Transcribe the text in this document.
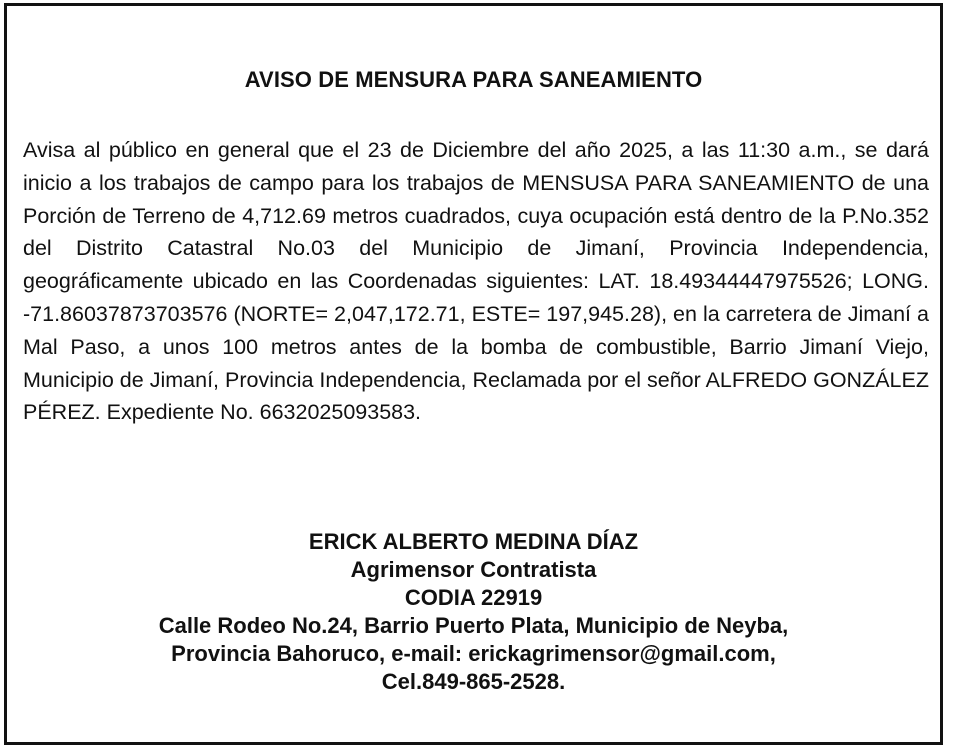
AVISO DE MENSURA PARA SANEAMIENTO
Avisa al público en general que el 23 de Diciembre del año 2025, a las 11:30 a.m., se dará inicio a los trabajos de campo para los trabajos de MENSUSA PARA SANEAMIENTO de una Porción de Terreno de 4,712.69 metros cuadrados, cuya ocupación está dentro de la P.No.352 del Distrito Catastral No.03 del Municipio de Jimaní, Provincia Independencia, geográficamente ubicado en las Coordenadas siguientes: LAT. 18.49344447975526; LONG. -71.86037873703576 (NORTE= 2,047,172.71, ESTE= 197,945.28), en la carretera de Jimaní a Mal Paso, a unos 100 metros antes de la bomba de combustible, Barrio Jimaní Viejo, Municipio de Jimaní, Provincia Independencia, Reclamada por el señor ALFREDO GONZÁLEZ PÉREZ. Expediente No. 6632025093583.
ERICK ALBERTO MEDINA DÍAZ
Agrimensor Contratista
CODIA 22919
Calle Rodeo No.24, Barrio Puerto Plata, Municipio de Neyba,
Provincia Bahoruco, e-mail: erickagrimensor@gmail.com,
Cel.849-865-2528.
